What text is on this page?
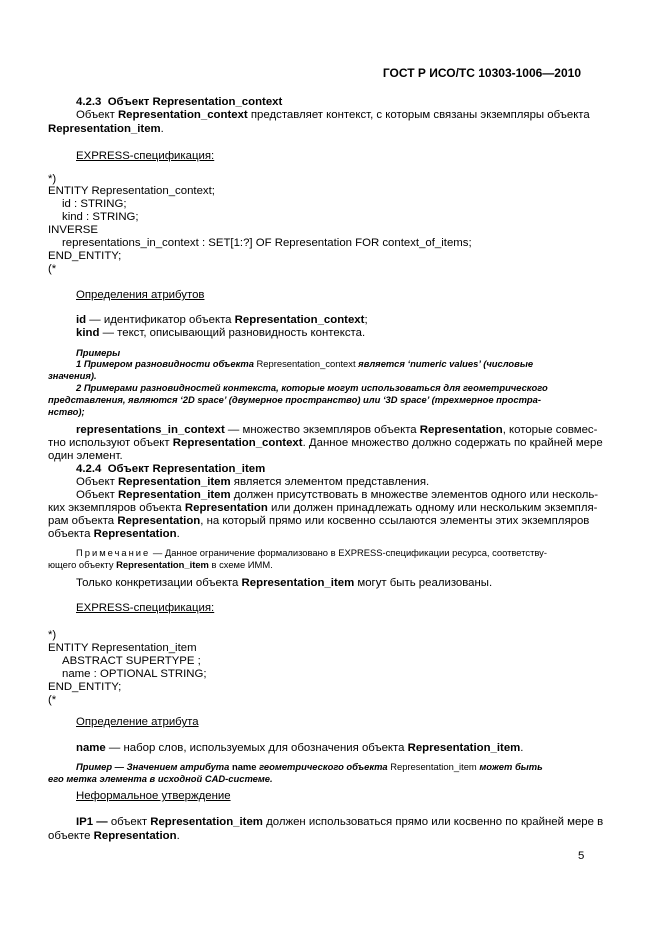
ГОСТ Р ИСО/ТС 10303-1006—2010
4.2.3 Объект Representation_context
Объект Representation_context представляет контекст, с которым связаны экземпляры объекта
Representation_item.
EXPRESS-спецификация:
*)
ENTITY Representation_context;
id : STRING;
kind : STRING;
INVERSE
representations_in_context : SET[1:?] OF Representation FOR context_of_items;
END_ENTITY;
(*
Определения атрибутов
id — идентификатор объекта Representation_context;
kind — текст, описывающий разновидность контекста.
Примеры
1 Примером разновидности объекта Representation_context является ‘numeric values’ (числовые
значения).
2 Примерами разновидностей контекста, которые могут использоваться для геометрического
представления, являются ‘2D space’ (двумерное пространство) или ‘3D space’ (трехмерное простра-
нство);
representations_in_context — множество экземпляров объекта Representation, которые совмес-
тно используют объект Representation_context. Данное множество должно содержать по крайней мере
один элемент.
4.2.4 Объект Representation_item
Объект Representation_item является элементом представления.
Объект Representation_item должен присутствовать в множестве элементов одного или несколь-
ких экземпляров объекта Representation или должен принадлежать одному или нескольким экземпля-
рам объекта Representation, на который прямо или косвенно ссылаются элементы этих экземпляров
объекта Representation.
Примечание — Данное ограничение формализовано в EXPRESS-спецификации ресурса, соответству-
ющего объекту Representation_item в схеме ИММ.
Только конкретизации объекта Representation_item могут быть реализованы.
EXPRESS-спецификация:
*)
ENTITY Representation_item
ABSTRACT SUPERTYPE ;
name : OPTIONAL STRING;
END_ENTITY;
(*
Определение атрибута
name — набор слов, используемых для обозначения объекта Representation_item.
Пример — Значением атрибута name геометрического объекта Representation_item может быть
его метка элемента в исходной CAD-системе.
Неформальное утверждение
IP1 — объект Representation_item должен использоваться прямо или косвенно по крайней мере в
объекте Representation.
5
